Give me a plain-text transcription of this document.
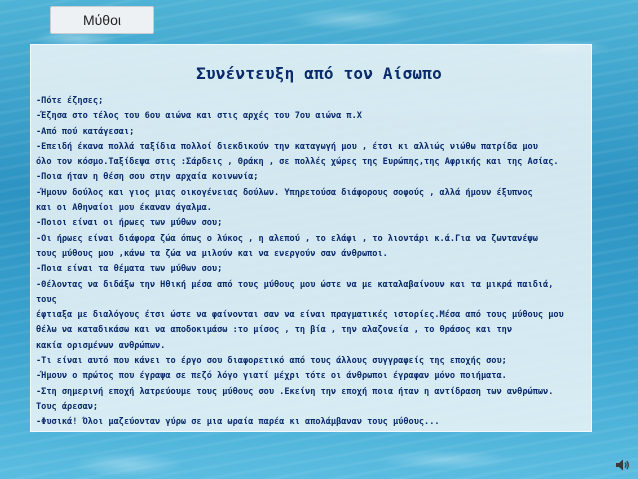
Μύθοι
Συνέντευξη από τον Αίσωπο
-Πότε έζησες;
-Έζησα στο τέλος του 6ου αιώνα και στις αρχές του 7ου αιώνα π.Χ
-Από πού κατάγεσαι;
-Επειδή έκανα πολλά ταξίδια πολλοί διεκδικούν την καταγωγή μου , έτσι κι αλλιώς νιώθω πατρίδα μου
όλο τον κόσμο.Ταξίδεψα στις :Σάρδεις , Θράκη , σε πολλές χώρες της Ευρώπης,της Αφρικής και της Ασίας.
-Ποια ήταν η θέση σου στην αρχαία κοινωνία;
-Ήμουν δούλος και γιος μιας οικογένειας δούλων. Υπηρετούσα διάφορους σοφούς , αλλά ήμουν έξυπνος
και οι Αθηναίοι μου έκαναν άγαλμα.
-Ποιοι είναι οι ήρωες των μύθων σου;
-Οι ήρωες είναι διάφορα ζώα όπως ο λύκος , η αλεπού , το ελάφι , το λιοντάρι κ.ά.Για να ζωντανέψω
τους μύθους μου ,κάνω τα ζώα να μιλούν και να ενεργούν σαν άνθρωποι.
-Ποια είναι τα θέματα των μύθων σου;
-Θέλοντας να διδάξω την Ηθική μέσα από τους μύθους μου ώστε να με καταλαβαίνουν και τα μικρά παιδιά,
τους
έφτιαξα με διαλόγους έτσι ώστε να φαίνονται σαν να είναι πραγματικές ιστορίες.Μέσα από τους μύθους μου
θέλω να καταδικάσω και να αποδοκιμάσω :το μίσος , τη βία , την αλαζονεία , το θράσος και την
κακία ορισμένων ανθρώπων.
-Τι είναι αυτό που κάνει το έργο σου διαφορετικό από τους άλλους συγγραφείς της εποχής σου;
-Ήμουν ο πρώτος που έγραψα σε πεζό λόγο γιατί μέχρι τότε οι άνθρωποι έγραφαν μόνο ποιήματα.
-Στη σημερινή εποχή λατρεύουμε τους μύθους σου .Εκείνη την εποχή ποια ήταν η αντίδραση των ανθρώπων.
Τους άρεσαν;
-Φυσικά! Όλοι μαζεύονταν γύρω σε μια ωραία παρέα κι απολάμβαναν τους μύθους...
